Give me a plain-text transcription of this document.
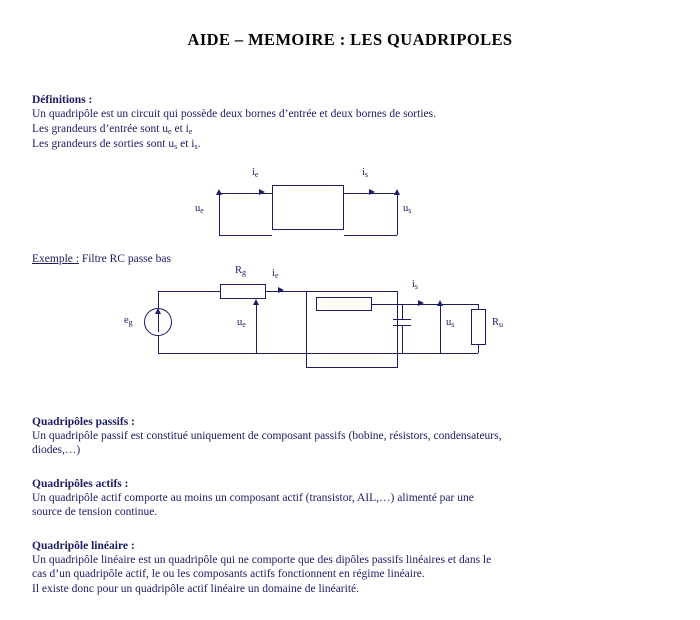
AIDE – MEMOIRE : LES QUADRIPOLES
Définitions :

Un quadripôle est un circuit qui possède deux bornes d’entrée et deux bornes de sorties.

Les grandeurs d’entrée sont $u_e$ et $i_e$

Les grandeurs de sorties sont $u_s$ et $i_s$.

$u_e$	$u_s$
$i_e$	$i_s$

Exemple : Filtre RC passe bas

$R_g$ $i_e$
$e_g$	$u_e$
$i_s$
$u_s$	$R_u$
Quadripôles passifs :

Un quadripôle passif est constitué uniquement de composant passifs (bobine, résistors, condensateurs,

diodes,…)

Quadripôles actifs :

Un quadripôle actif comporte au moins un composant actif (transistor, AIL,…) alimenté par une

source de tension continue.

Quadripôle linéaire :

Un quadripôle linéaire est un quadripôle qui ne comporte que des dipôles passifs linéaires et dans le

cas d’un quadripôle actif, le ou les composants actifs fonctionnent en régime linéaire.

Il existe donc pour un quadripôle actif linéaire un domaine de linéarité.
